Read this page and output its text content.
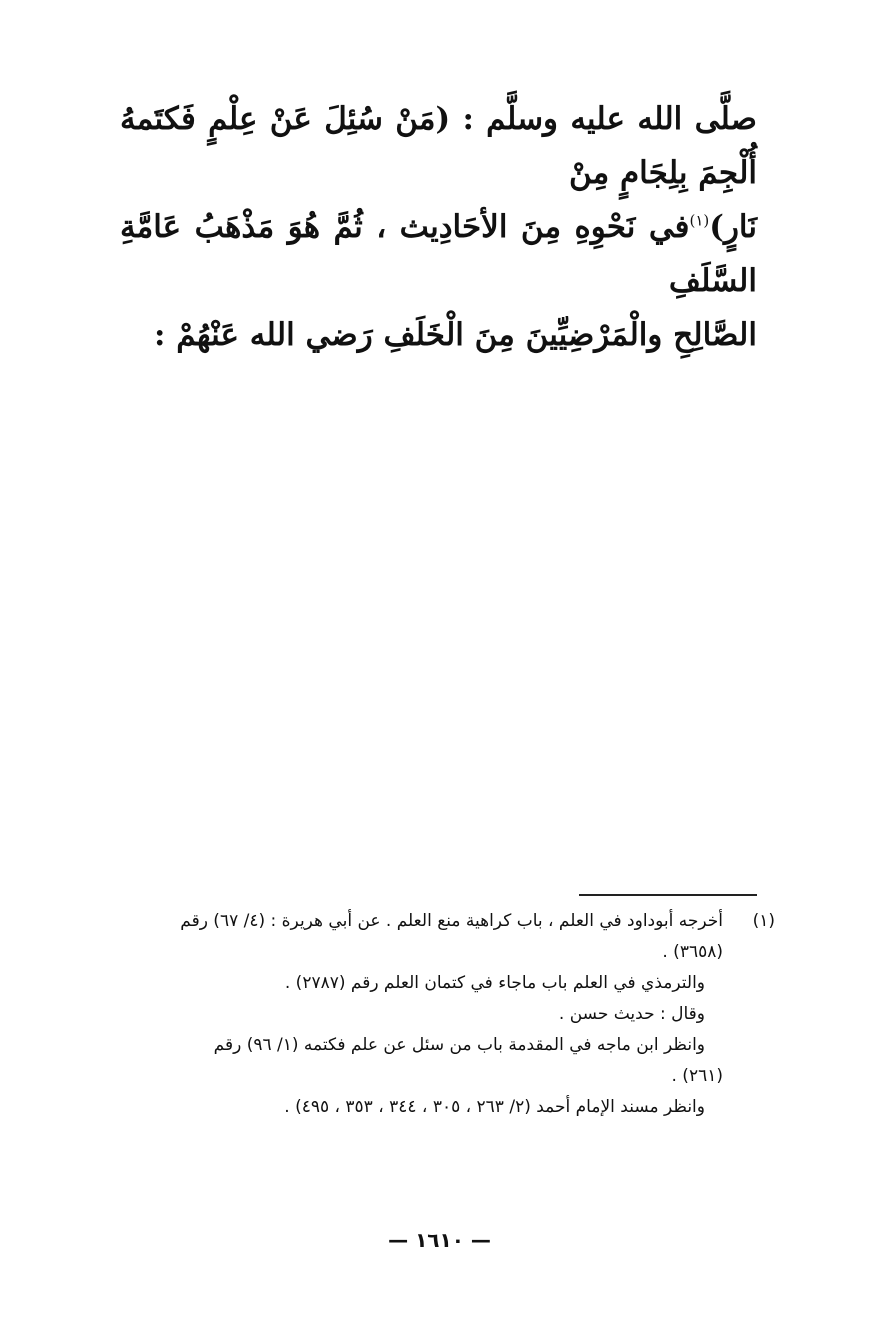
صلَّى الله عليه وسلَّم : (مَنْ سُئِلَ عَنْ عِلْمٍ فَكتَمهُ أُلْجِمَ بِلِجَامٍ مِنْ
نَارٍ)$^{(١)}$في نَحْوِهِ مِنَ الأحَادِيث ، ثُمَّ هُوَ مَذْهَبُ عَامَّةِ السَّلَفِ
الصَّالِحِ والْمَرْضِيِّينَ مِنَ الْخَلَفِ رَضي الله عَنْهُمْ :
(١)
أخرجه أبوداود في العلم ، باب كراهية منع العلم . عن أبي هريرة : (٤/ ٦٧) رقم
(٣٦٥٨) .
والترمذي في العلم باب ماجاء في كتمان العلم رقم (٢٧٨٧) .
وقال : حديث حسن .
وانظر ابن ماجه في المقدمة باب من سئل عن علم فكتمه (١/ ٩٦) رقم
(٢٦١) .
وانظر مسند الإمام أحمد (٢/ ٢٦٣ ، ٣٠٥ ، ٣٤٤ ، ٣٥٣ ، ٤٩٥) .
— ١٦١٠ —
